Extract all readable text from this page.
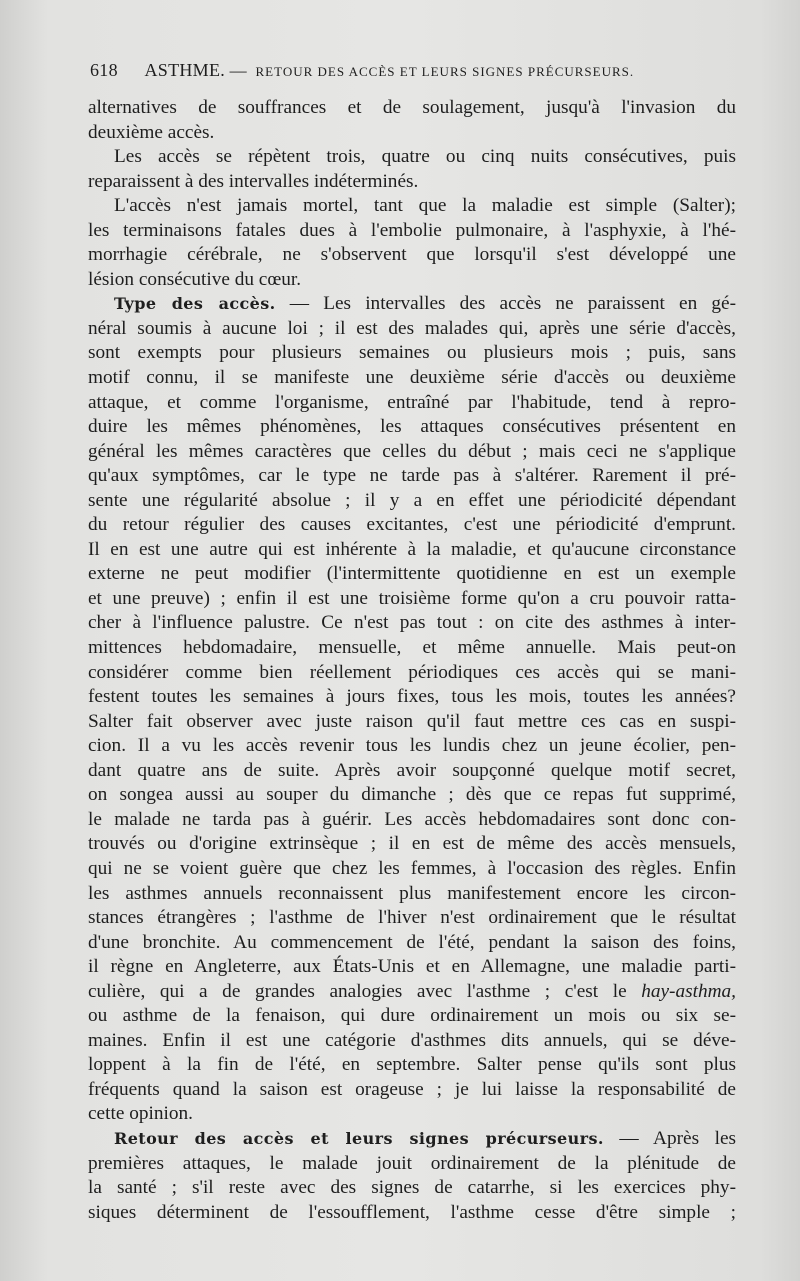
618 ASTHME. — RETOUR DES ACCÈS ET LEURS SIGNES PRÉCURSEURS.
alternatives de souffrances et de soulagement, jusqu'à l'invasion du
deuxième accès.
Les accès se répètent trois, quatre ou cinq nuits consécutives, puis
reparaissent à des intervalles indéterminés.
L'accès n'est jamais mortel, tant que la maladie est simple (Salter);
les terminaisons fatales dues à l'embolie pulmonaire, à l'asphyxie, à l'hé-
morrhagie cérébrale, ne s'observent que lorsqu'il s'est développé une
lésion consécutive du cœur.
Type des accès. — Les intervalles des accès ne paraissent en gé-
néral soumis à aucune loi ; il est des malades qui, après une série d'accès,
sont exempts pour plusieurs semaines ou plusieurs mois ; puis, sans
motif connu, il se manifeste une deuxième série d'accès ou deuxième
attaque, et comme l'organisme, entraîné par l'habitude, tend à repro-
duire les mêmes phénomènes, les attaques consécutives présentent en
général les mêmes caractères que celles du début ; mais ceci ne s'applique
qu'aux symptômes, car le type ne tarde pas à s'altérer. Rarement il pré-
sente une régularité absolue ; il y a en effet une périodicité dépendant
du retour régulier des causes excitantes, c'est une périodicité d'emprunt.
Il en est une autre qui est inhérente à la maladie, et qu'aucune circonstance
externe ne peut modifier (l'intermittente quotidienne en est un exemple
et une preuve) ; enfin il est une troisième forme qu'on a cru pouvoir ratta-
cher à l'influence palustre. Ce n'est pas tout : on cite des asthmes à inter-
mittences hebdomadaire, mensuelle, et même annuelle. Mais peut-on
considérer comme bien réellement périodiques ces accès qui se mani-
festent toutes les semaines à jours fixes, tous les mois, toutes les années?
Salter fait observer avec juste raison qu'il faut mettre ces cas en suspi-
cion. Il a vu les accès revenir tous les lundis chez un jeune écolier, pen-
dant quatre ans de suite. Après avoir soupçonné quelque motif secret,
on songea aussi au souper du dimanche ; dès que ce repas fut supprimé,
le malade ne tarda pas à guérir. Les accès hebdomadaires sont donc con-
trouvés ou d'origine extrinsèque ; il en est de même des accès mensuels,
qui ne se voient guère que chez les femmes, à l'occasion des règles. Enfin
les asthmes annuels reconnaissent plus manifestement encore les circon-
stances étrangères ; l'asthme de l'hiver n'est ordinairement que le résultat
d'une bronchite. Au commencement de l'été, pendant la saison des foins,
il règne en Angleterre, aux États-Unis et en Allemagne, une maladie parti-
culière, qui a de grandes analogies avec l'asthme ; c'est le hay-asthma,
ou asthme de la fenaison, qui dure ordinairement un mois ou six se-
maines. Enfin il est une catégorie d'asthmes dits annuels, qui se déve-
loppent à la fin de l'été, en septembre. Salter pense qu'ils sont plus
fréquents quand la saison est orageuse ; je lui laisse la responsabilité de
cette opinion.
Retour des accès et leurs signes précurseurs. — Après les
premières attaques, le malade jouit ordinairement de la plénitude de
la santé ; s'il reste avec des signes de catarrhe, si les exercices phy-
siques déterminent de l'essoufflement, l'asthme cesse d'être simple ;
